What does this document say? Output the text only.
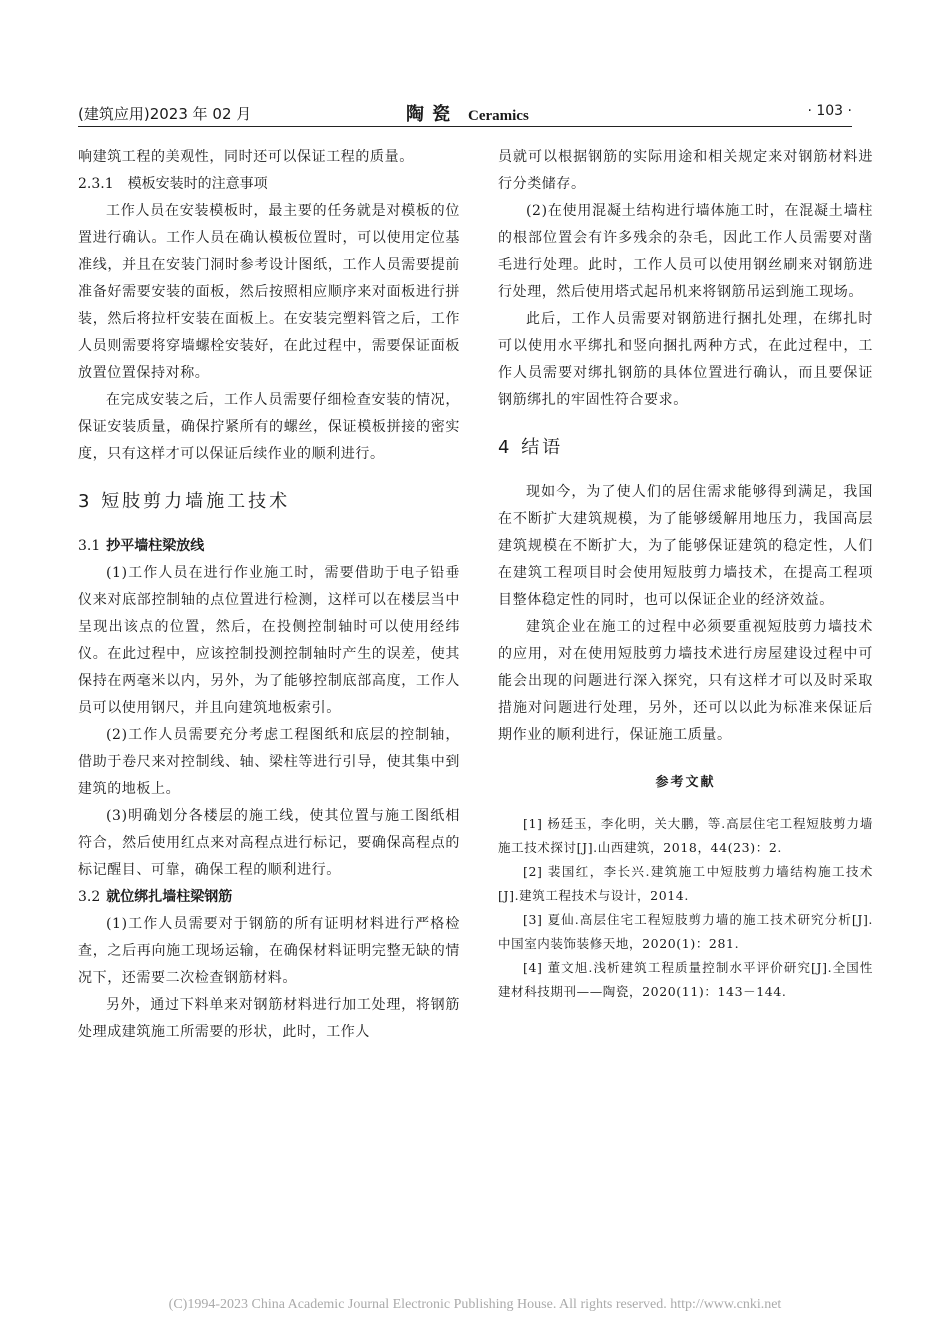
(建筑应用)2023 年 02 月	陶瓷 Ceramics	· 103 ·

响建筑工程的美观性，同时还可以保证工程的质量。

2.3.1 模板安装时的注意事项

工作人员在安装模板时，最主要的任务就是对模板的位置进行确认。工作人员在确认模板位置时，可以使用定位基准线，并且在安装门洞时参考设计图纸，工作人员需要提前准备好需要安装的面板，然后按照相应顺序来对面板进行拼装，然后将拉杆安装在面板上。在安装完塑料管之后，工作人员则需要将穿墙螺栓安装好，在此过程中，需要保证面板放置位置保持对称。

在完成安装之后，工作人员需要仔细检查安装的情况，保证安装质量，确保拧紧所有的螺丝，保证模板拼接的密实度，只有这样才可以保证后续作业的顺利进行。

3 短肢剪力墙施工技术
3.1 抄平墙柱梁放线

(1)工作人员在进行作业施工时，需要借助于电子铅垂仪来对底部控制轴的点位置进行检测，这样可以在楼层当中呈现出该点的位置，然后，在投侧控制轴时可以使用经纬仪。在此过程中，应该控制投测控制轴时产生的误差，使其保持在两毫米以内，另外，为了能够控制底部高度，工作人员可以使用钢尺，并且向建筑地板索引。

(2)工作人员需要充分考虑工程图纸和底层的控制轴，借助于卷尺来对控制线、轴、梁柱等进行引导，使其集中到建筑的地板上。

(3)明确划分各楼层的施工线，使其位置与施工图纸相符合，然后使用红点来对高程点进行标记，要确保高程点的标记醒目、可靠，确保工程的顺利进行。

3.2 就位绑扎墙柱梁钢筋

(1)工作人员需要对于钢筋的所有证明材料进行严格检查，之后再向施工现场运输，在确保材料证明完整无缺的情况下，还需要二次检查钢筋材料。

另外，通过下料单来对钢筋材料进行加工处理，将钢筋处理成建筑施工所需要的形状，此时，工作人

员就可以根据钢筋的实际用途和相关规定来对钢筋材料进行分类储存。

(2)在使用混凝土结构进行墙体施工时，在混凝土墙柱的根部位置会有许多残余的杂毛，因此工作人员需要对凿毛进行处理。此时，工作人员可以使用钢丝刷来对钢筋进行处理，然后使用塔式起吊机来将钢筋吊运到施工现场。

此后，工作人员需要对钢筋进行捆扎处理，在绑扎时可以使用水平绑扎和竖向捆扎两种方式，在此过程中，工作人员需要对绑扎钢筋的具体位置进行确认，而且要保证钢筋绑扎的牢固性符合要求。

4 结语

现如今，为了使人们的居住需求能够得到满足，我国在不断扩大建筑规模，为了能够缓解用地压力，我国高层建筑规模在不断扩大，为了能够保证建筑的稳定性，人们在建筑工程项目时会使用短肢剪力墙技术，在提高工程项目整体稳定性的同时，也可以保证企业的经济效益。

建筑企业在施工的过程中必须要重视短肢剪力墙技术的应用，对在使用短肢剪力墙技术进行房屋建设过程中可能会出现的问题进行深入探究，只有这样才可以及时采取措施对问题进行处理，另外，还可以以此为标准来保证后期作业的顺利进行，保证施工质量。

参考文献

[1] 杨廷玉，李化明，关大鹏，等.高层住宅工程短肢剪力墙施工技术探讨[J].山西建筑，2018，44(23)：2.

[2] 裴国红，李长兴.建筑施工中短肢剪力墙结构施工技术[J].建筑工程技术与设计，2014.

[3] 夏仙.高层住宅工程短肢剪力墙的施工技术研究分析[J].中国室内装饰装修天地，2020(1)：281.

[4] 董文旭.浅析建筑工程质量控制水平评价研究[J].全国性建材科技期刊——陶瓷，2020(11)：143－144.

(C)1994-2023 China Academic Journal Electronic Publishing House. All rights reserved. http://www.cnki.net
